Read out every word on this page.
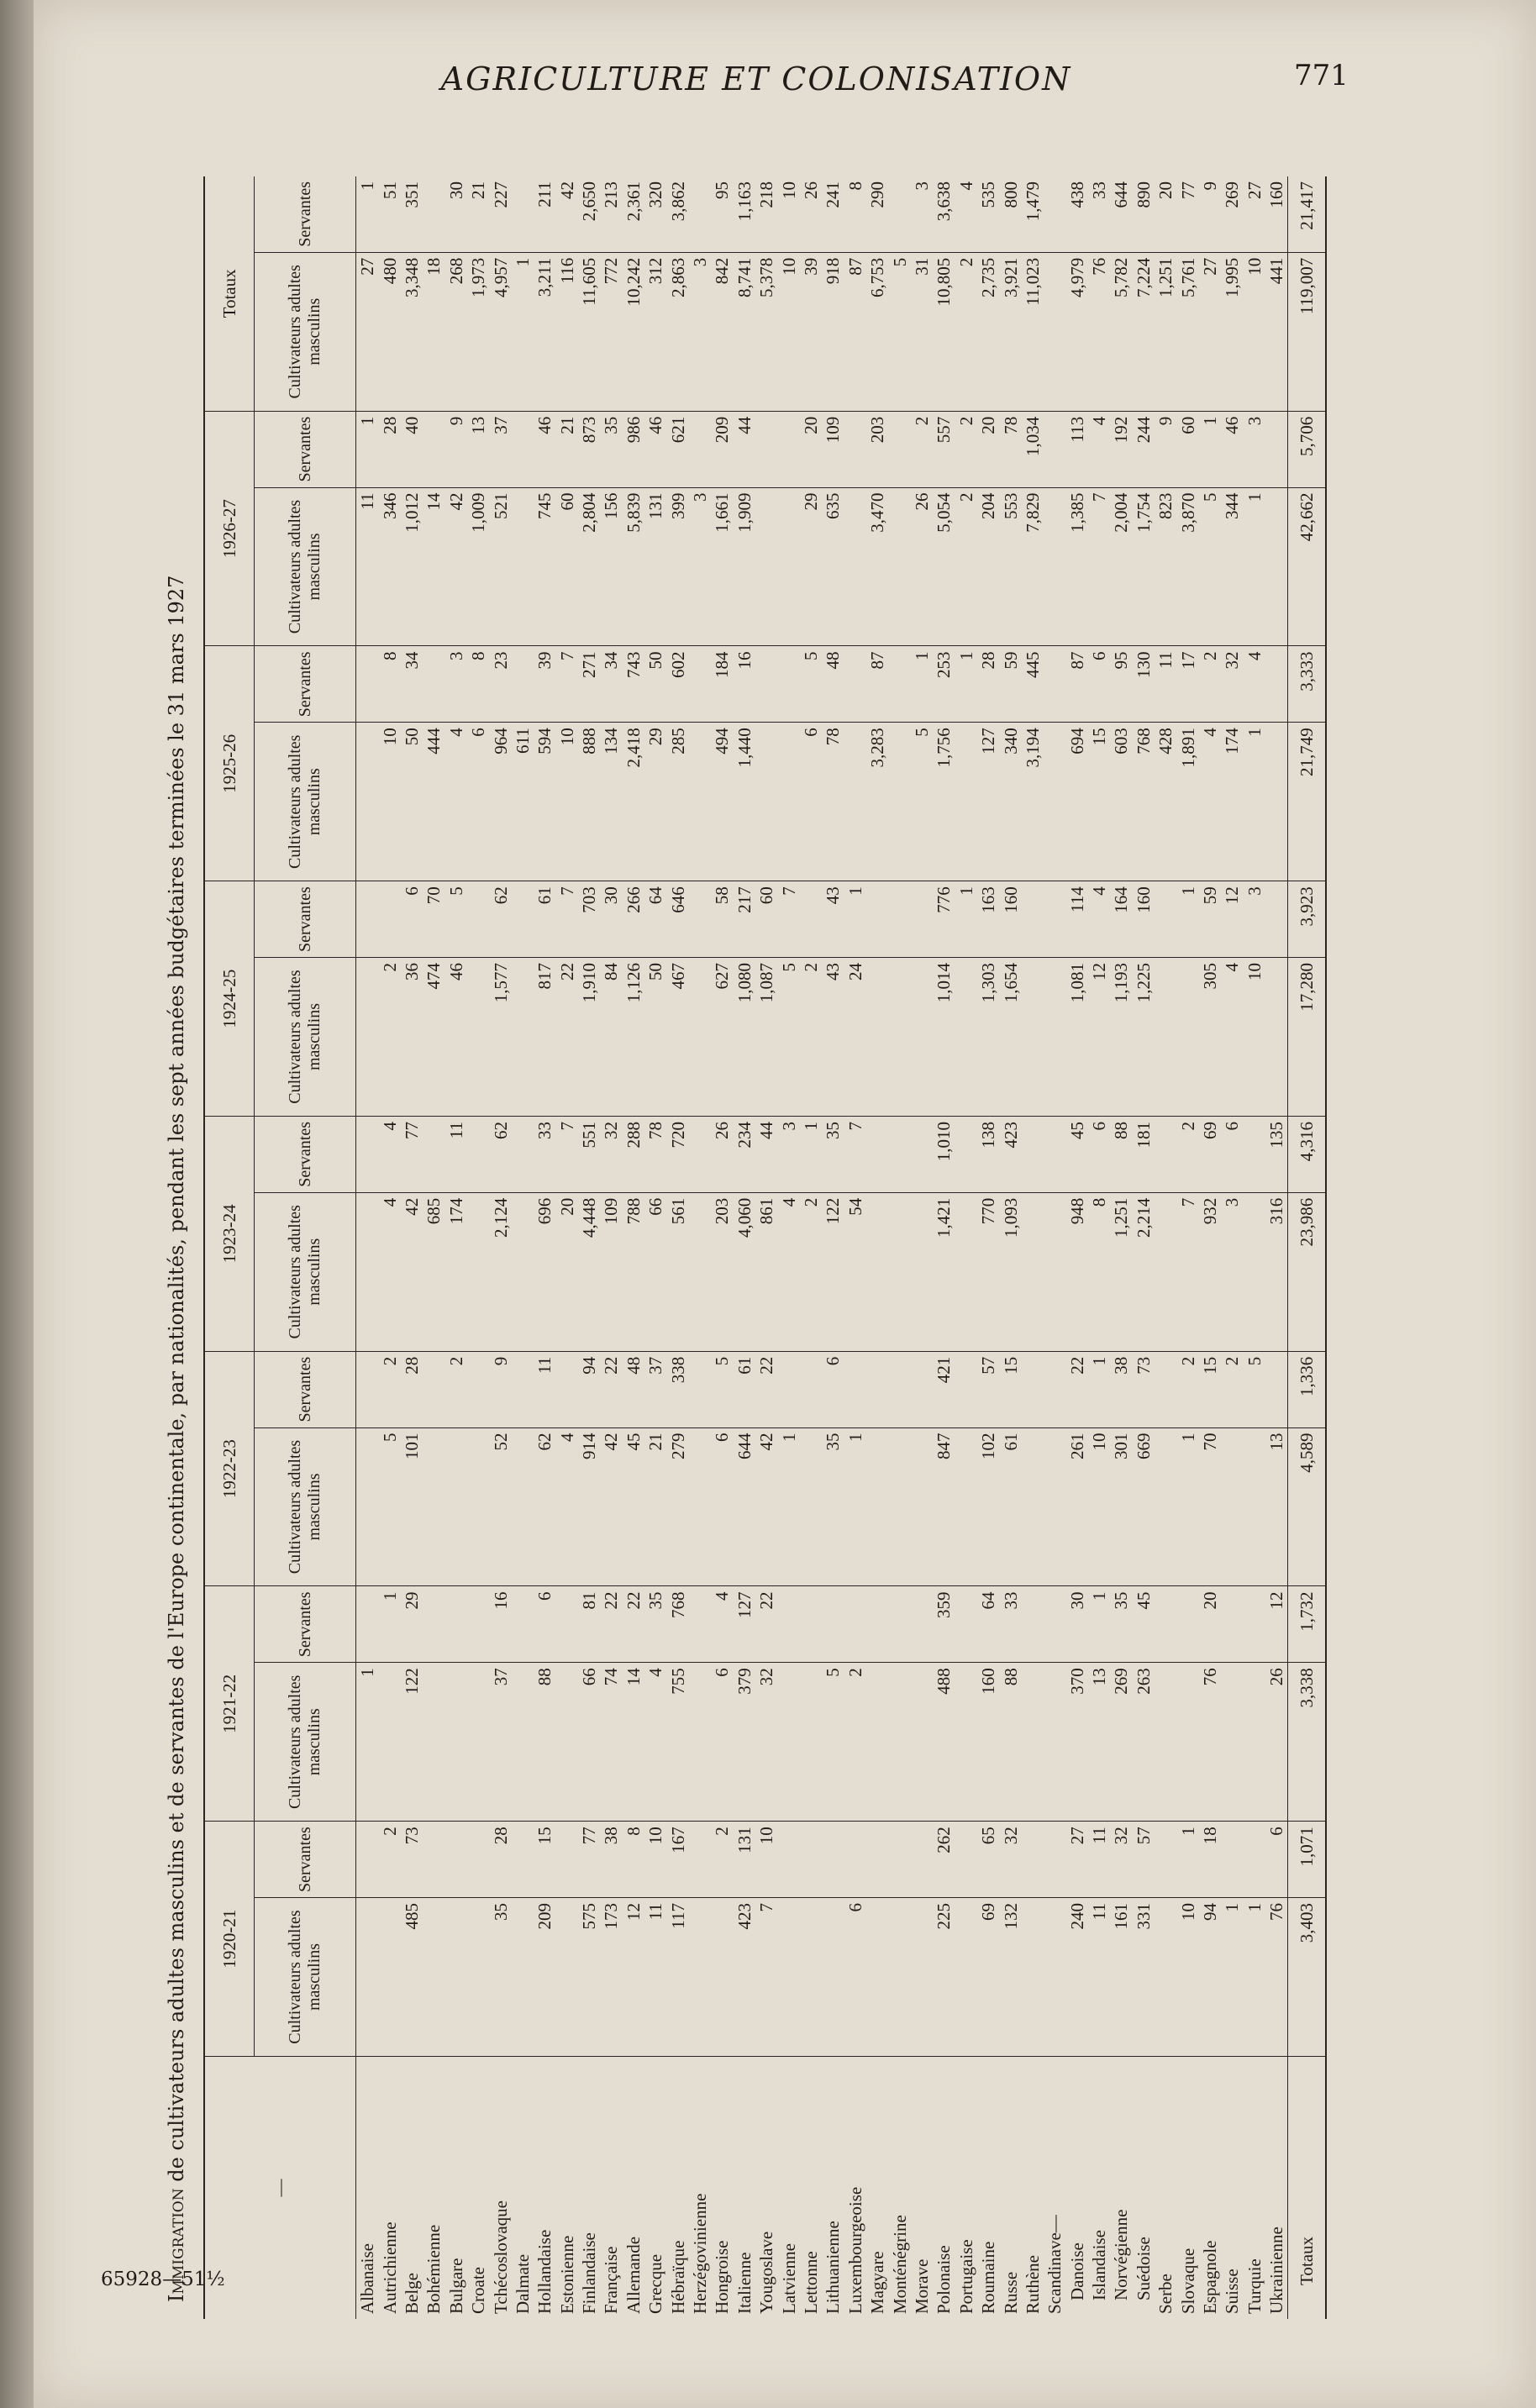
AGRICULTURE ET COLONISATION	771
Immigration de cultivateurs adultes masculins et de servantes de l'Europe continentale, par nationalités, pendant les sept années budgétaires terminées le 31 mars 1927	—	1920-21		1921-22		1922-23		1923-24		1924-25		1925-26		1926-27		Totaux	
	Cultivateurs adultes masculins	Servantes	Cultivateurs adultes masculins	Servantes	Cultivateurs adultes masculins	Servantes	Cultivateurs adultes masculins	Servantes	Cultivateurs adultes masculins	Servantes	Cultivateurs adultes masculins	Servantes	Cultivateurs adultes masculins	Servantes	Cultivateurs adultes masculins	Servantes
Albanaise			1										11	1	27	1
Autrichienne		2		1	5	2	4	4	2		10	8	346	28	480	51
Belge	485	73	122	29	101	28	42	77	36	6	50	34	1,012	40	3,348	351
Bohémienne							685		474	70	444		14		18	
Bulgare						2	174	11	46	5	4	3	42	9	268	30
Croate											6	8	1,009	13	1,973	21
Tchécoslovaque	35	28	37	16	52	9	2,124	62	1,577	62	964	23	521	37	4,957	227
Dalmate											611				1	
Hollandaise	209	15	88	6	62	11	696	33	817	61	594	39	745	46	3,211	211
Estonienne					4		20	7	22	7	10	7	60	21	116	42
Finlandaise	575	77	66	81	914	94	4,448	551	1,910	703	888	271	2,804	873	11,605	2,650
Française	173	38	74	22	42	22	109	32	84	30	134	34	156	35	772	213
Allemande	12	8	14	22	45	48	788	288	1,126	266	2,418	743	5,839	986	10,242	2,361
Grecque	11	10	4	35	21	37	66	78	50	64	29	50	131	46	312	320
Hébraïque	117	167	755	768	279	338	561	720	467	646	285	602	399	621	2,863	3,862
Herzégovinienne													3		3	
Hongroise		2	6	4	6	5	203	26	627	58	494	184	1,661	209	842	95
Italienne	423	131	379	127	644	61	4,060	234	1,080	217	1,440	16	1,909	44	8,741	1,163
Yougoslave	7	10	32	22	42	22	861	44	1,087	60					5,378	218
Latvienne					1		4	3	5	7					10	10
Lettonne							2	1	2		6	5	29	20	39	26
Lithuanienne			5		35	6	122	35	43	43	78	48	635	109	918	241
Luxembourgeoise	6		2		1		54	7	24	1					87	8
Magyare											3,283	87	3,470	203	6,753	290
Monténégrine															5	
Morave											5	1	26	2	31	3
Polonaise	225	262	488	359	847	421	1,421	1,010	1,014	776	1,756	253	5,054	557	10,805	3,638
Portugaise										1		1	2	2	2	4
Roumaine	69	65	160	64	102	57	770	138	1,303	163	127	28	204	20	2,735	535
Russe	132	32	88	33	61	15	1,093	423	1,654	160	340	59	553	78	3,921	800
Ruthène											3,194	445	7,829	1,034	11,023	1,479
Scandinave—																
Danoise	240	27	370	30	261	22	948	45	1,081	114	694	87	1,385	113	4,979	438
Islandaise	11	11	13	1	10	1	8	6	12	4	15	6	7	4	76	33
Norvégienne	161	32	269	35	301	38	1,251	88	1,193	164	603	95	2,004	192	5,782	644
Suédoise	331	57	263	45	669	73	2,214	181	1,225	160	768	130	1,754	244	7,224	890
Serbe											428	11	823	9	1,251	20
Slovaque	10	1			1	2	7	2		1	1,891	17	3,870	60	5,761	77
Espagnole	94	18	76	20	70	15	932	69	305	59	4	2	5	1	27	9
Suisse	1					2	3	6	4	12	174	32	344	46	1,995	269
Turquie	1					5			10	3	1	4	1	3	10	27
Ukrainienne	76	6	26	12	13		316	135							441	160
Totaux	3,403	1,071	3,338	1,732	4,589	1,336	23,986	4,316	17,280	3,923	21,749	3,333	42,662	5,706	119,007	21,417
65928—51½
